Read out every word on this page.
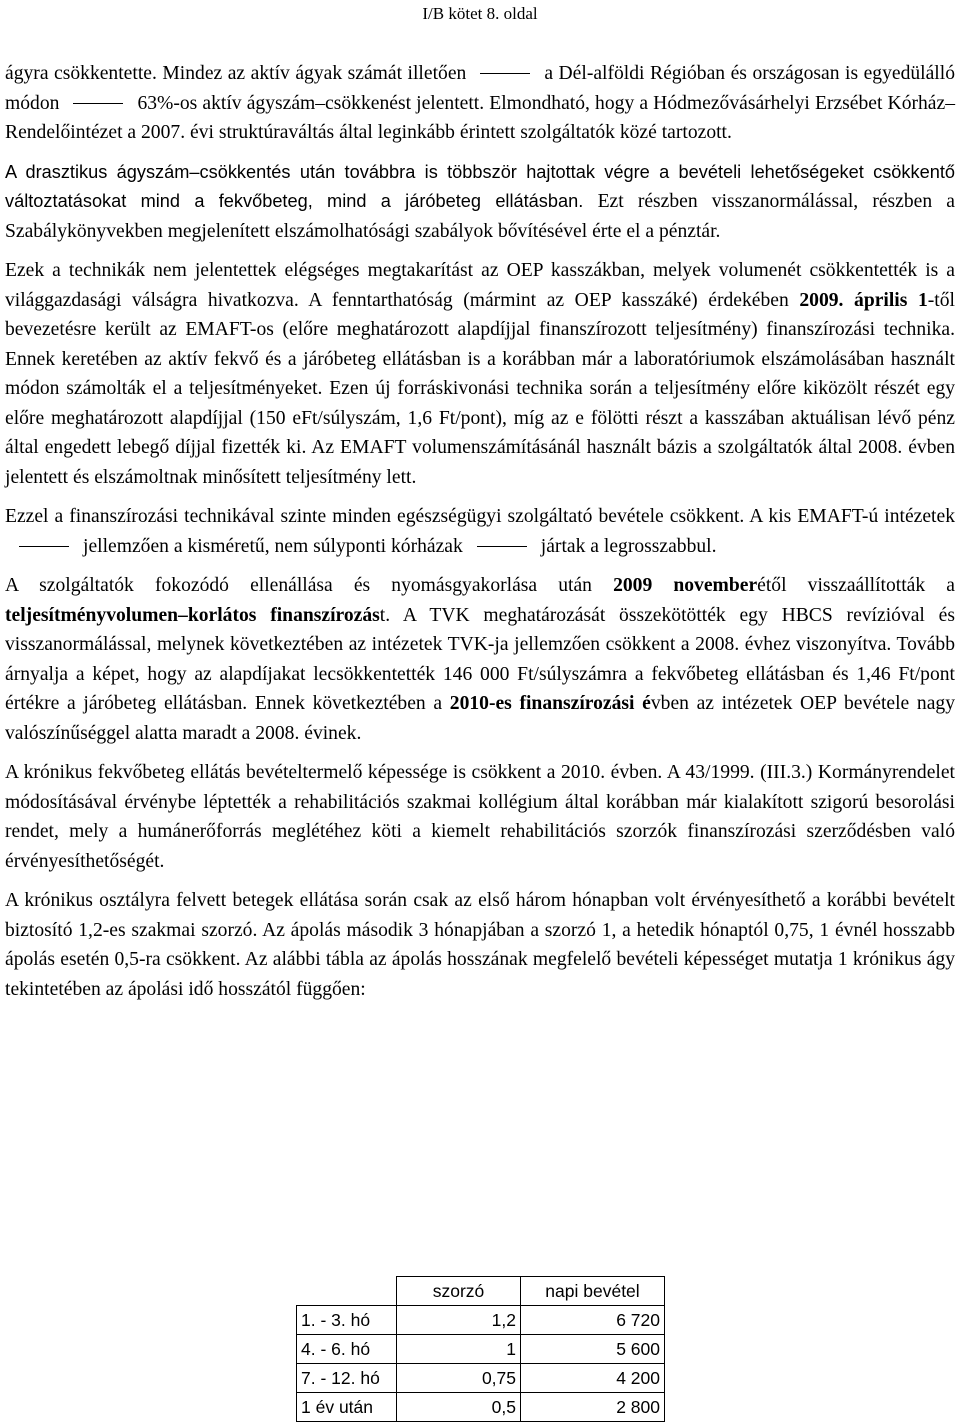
I/B kötet 8. oldal

ágyra csökkentette. Mindez az aktív ágyak számát illetően	a Dél-alföldi Régióban és országosan is egyedülálló módon	63%-os aktív ágyszám–csökkenést jelentett. Elmondható, hogy a Hódmezővásárhelyi Erzsébet Kórház–Rendelőintézet a 2007. évi struktúraváltás által leginkább érintett szolgáltatók közé tartozott.

A drasztikus ágyszám–csökkentés után továbbra is többször hajtottak végre a bevételi lehetőségeket csökkentő változtatásokat mind a fekvőbeteg, mind a járóbeteg ellátásban. Ezt részben visszanormálással, részben a Szabálykönyvekben megjelenített elszámolhatósági szabályok bővítésével érte el a pénztár.

Ezek a technikák nem jelentettek elégséges megtakarítást az OEP kasszákban, melyek volumenét csökkentették is a világgazdasági válságra hivatkozva. A fenntarthatóság (mármint az OEP kasszáké) érdekében 2009. április 1-től bevezetésre került az EMAFT-os (előre meghatározott alapdíjjal finanszírozott teljesítmény) finanszírozási technika. Ennek keretében az aktív fekvő és a járóbeteg ellátásban is a korábban már a laboratóriumok elszámolásában használt módon számolták el a teljesítményeket. Ezen új forráskivonási technika során a teljesítmény előre kiközölt részét egy előre meghatározott alapdíjjal (150 eFt/súlyszám, 1,6 Ft/pont), míg az e fölötti részt a kasszában aktuálisan lévő pénz által engedett lebegő díjjal fizették ki. Az EMAFT volumenszámításánál használt bázis a szolgáltatók által 2008. évben jelentett és elszámoltnak minősített teljesítmény lett.

Ezzel a finanszírozási technikával szinte minden egészségügyi szolgáltató bevétele csökkent. A kis EMAFT-ú intézetekjellemzően a kisméretű, nem súlyponti kórházak	jártak a legrosszabbul.

A szolgáltatók fokozódó ellenállása és nyomásgyakorlása után 2009 novemberétől visszaállították a teljesítményvolumen–korlátos finanszírozást. A TVK meghatározását összekötötték egy HBCS revízióval és visszanormálással, melynek következtében az intézetek TVK-ja jellemzően csökkent a 2008. évhez viszonyítva. Tovább árnyalja a képet, hogy az alapdíjakat lecsökkentették 146 000 Ft/súlyszámra a fekvőbeteg ellátásban és 1,46 Ft/pont értékre a járóbeteg ellátásban. Ennek következtében a 2010-es finanszírozási évben az intézetek OEP bevétele nagy valószínűséggel alatta maradt a 2008. évinek.

A krónikus fekvőbeteg ellátás bevételtermelő képessége is csökkent a 2010. évben. A 43/1999. (III.3.) Kormányrendelet módosításával érvénybe léptették a rehabilitációs szakmai kollégium által korábban már kialakított szigorú besorolási rendet, mely a humánerőforrás meglétéhez köti a kiemelt rehabilitációs szorzók finanszírozási szerződésben való érvényesíthetőségét.

A krónikus osztályra felvett betegek ellátása során csak az első három hónapban volt érvényesíthető a korábbi bevételt biztosító 1,2-es szakmai szorzó. Az ápolás második 3 hónapjában a szorzó 1, a hetedik hónaptól 0,75, 1 évnél hosszabb ápolás esetén 0,5-ra csökkent. Az alábbi tábla az ápolás hosszának megfelelő bevételi képességet mutatja 1 krónikus ágy tekintetében az ápolási idő hosszától függően:

	szorzó	napi bevétel
1. - 3. hó	1,2	6 720
4. - 6. hó	1	5 600
7. - 12. hó	0,75	4 200
1 év után	0,5	2 800
